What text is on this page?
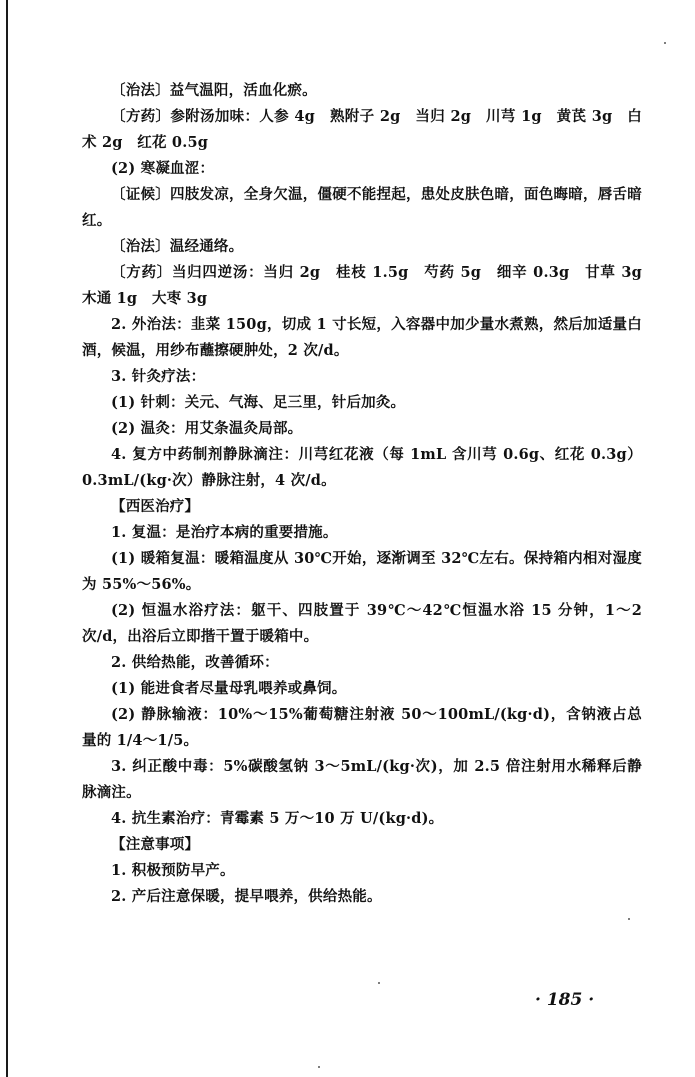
〔治法〕益气温阳，活血化瘀。

〔方药〕参附汤加味：人参 4g　熟附子 2g　当归 2g　川芎 1g　黄芪 3g　白术 2g　红花 0.5g

(2) 寒凝血涩：

〔证候〕四肢发凉，全身欠温，僵硬不能捏起，患处皮肤色暗，面色晦暗，唇舌暗红。

〔治法〕温经通络。

〔方药〕当归四逆汤：当归 2g　桂枝 1.5g　芍药 5g　细辛 0.3g　甘草 3g　木通 1g　大枣 3g

2. 外治法：韭菜 150g，切成 1 寸长短，入容器中加少量水煮熟，然后加适量白酒，候温，用纱布蘸擦硬肿处，2 次/d。

3. 针灸疗法：

(1) 针刺：关元、气海、足三里，针后加灸。

(2) 温灸：用艾条温灸局部。

4. 复方中药制剂静脉滴注：川芎红花液（每 1mL 含川芎 0.6g、红花 0.3g）0.3mL/(kg·次）静脉注射，4 次/d。

【西医治疗】

1. 复温：是治疗本病的重要措施。

(1) 暖箱复温：暖箱温度从 30℃开始，逐渐调至 32℃左右。保持箱内相对湿度为 55%～56%。

(2) 恒温水浴疗法：躯干、四肢置于 39℃～42℃恒温水浴 15 分钟，1～2 次/d，出浴后立即揩干置于暖箱中。

2. 供给热能，改善循环：

(1) 能进食者尽量母乳喂养或鼻饲。

(2) 静脉输液：10%～15%葡萄糖注射液 50～100mL/(kg·d)，含钠液占总量的 1/4～1/5。

3. 纠正酸中毒：5%碳酸氢钠 3～5mL/(kg·次)，加 2.5 倍注射用水稀释后静脉滴注。

4. 抗生素治疗：青霉素 5 万～10 万 U/(kg·d)。

【注意事项】

1. 积极预防早产。

2. 产后注意保暖，提早喂养，供给热能。

· 185 ·
